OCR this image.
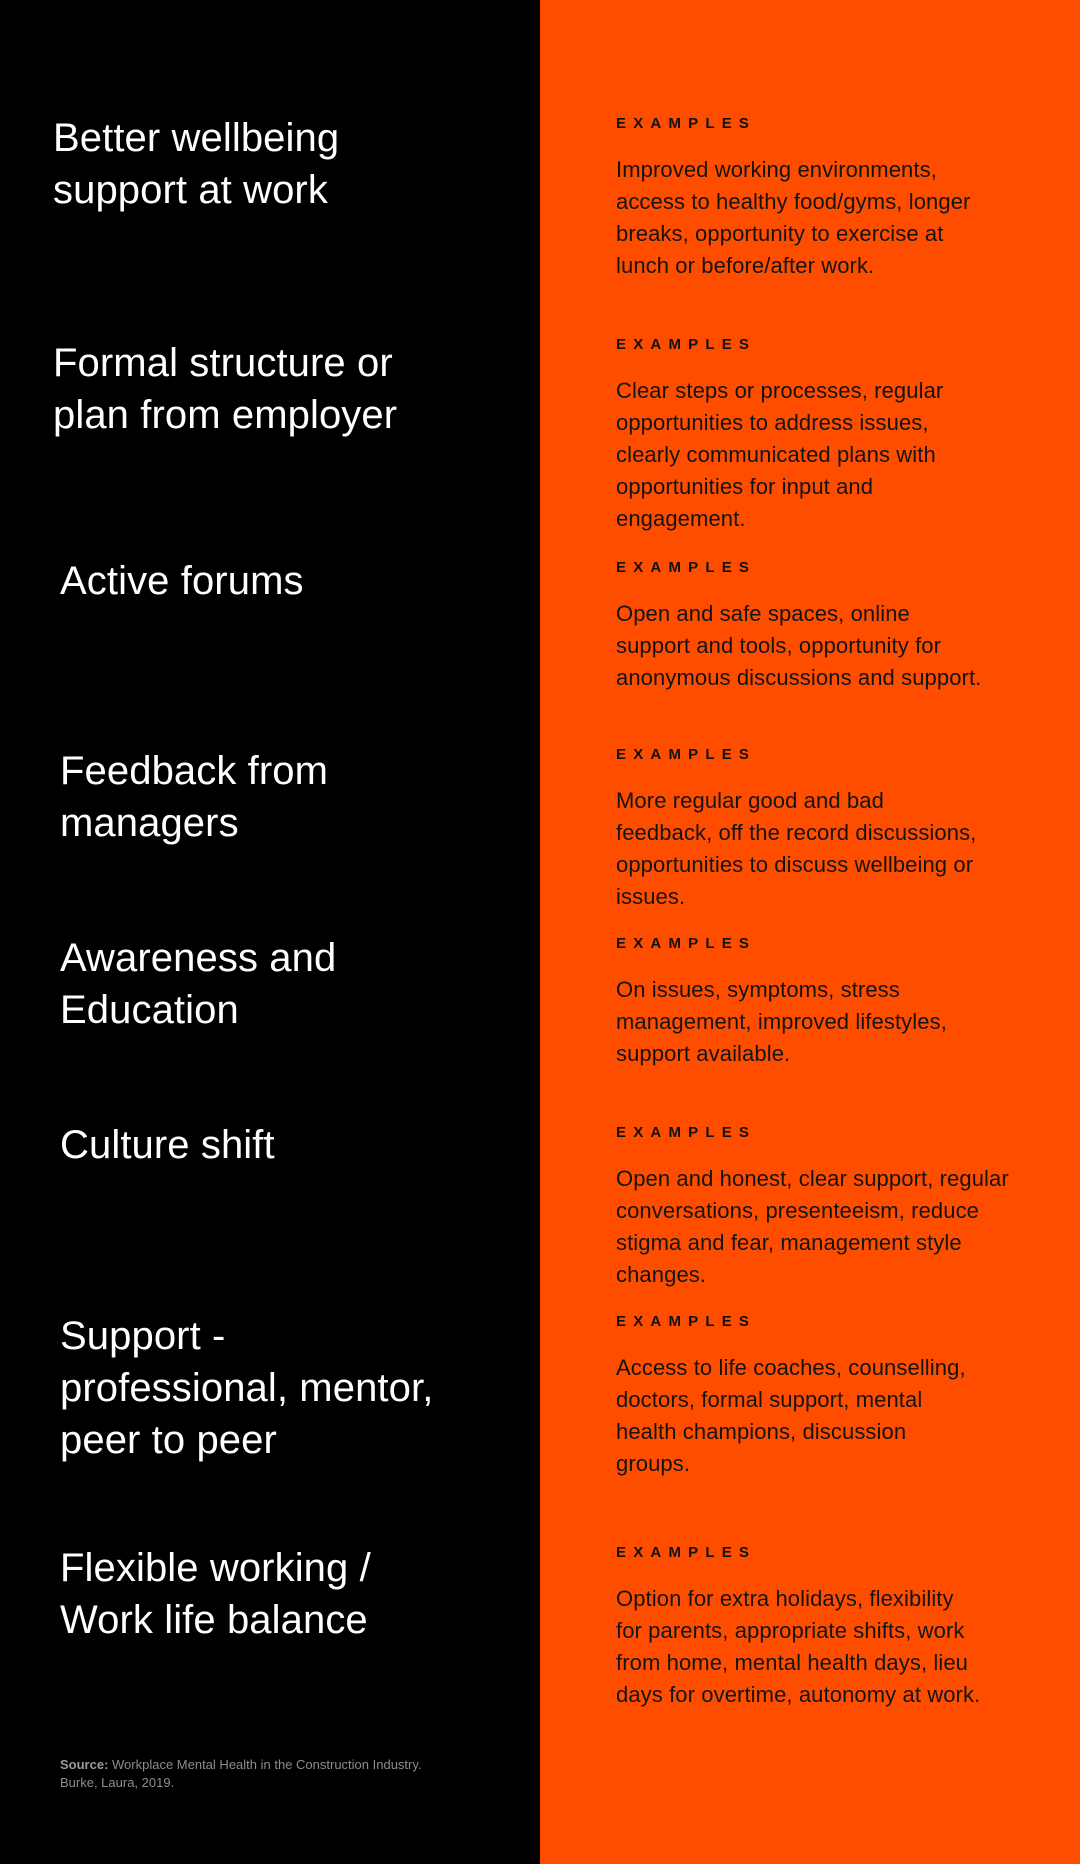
Better wellbeing
support at work
EXAMPLES

Improved working environments,
access to healthy food/gyms, longer
breaks, opportunity to exercise at
lunch or before/after work.

Formal structure or
plan from employer
EXAMPLES

Clear steps or processes, regular
opportunities to address issues,
clearly communicated plans with
opportunities for input and
engagement.

Active forums	EXAMPLES

Open and safe spaces, online
support and tools, opportunity for
anonymous discussions and support.

Feedback from
managers
EXAMPLES

More regular good and bad
feedback, off the record discussions,
opportunities to discuss wellbeing or
issues.

Awareness and
Education
EXAMPLES

On issues, symptoms, stress
management, improved lifestyles,
support available.

Culture shift	EXAMPLES

Open and honest, clear support, regular
conversations, presenteeism, reduce
stigma and fear, management style
changes.

Support -
professional, mentor,
peer to peer
EXAMPLES

Access to life coaches, counselling,
doctors, formal support, mental
health champions, discussion
groups.

Flexible working /
Work life balance
EXAMPLES

Option for extra holidays, flexibility
for parents, appropriate shifts, work
from home, mental health days, lieu
days for overtime, autonomy at work.

Source: Workplace Mental Health in the Construction Industry.
Burke, Laura, 2019.
